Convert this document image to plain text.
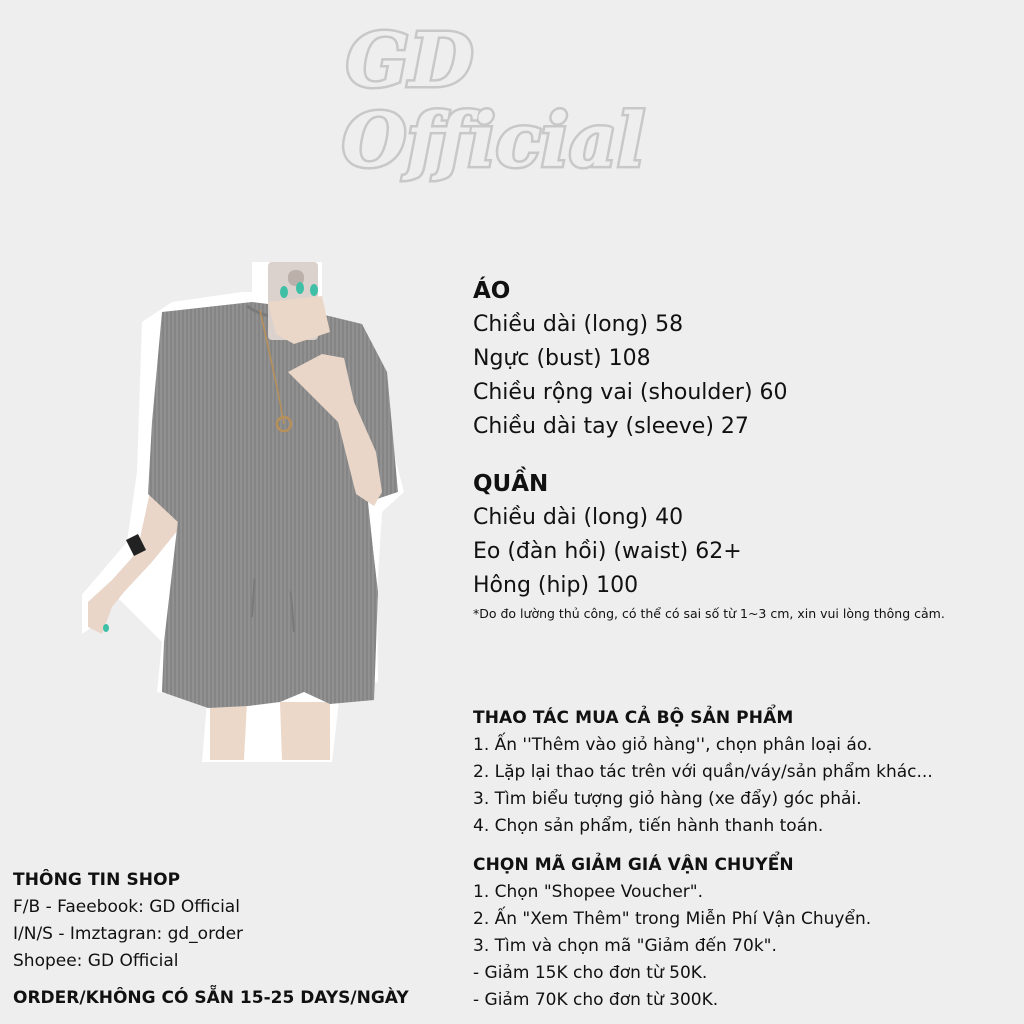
GD
Official
ÁO
Chiều dài (long) 58
Ngực (bust) 108
Chiều rộng vai (shoulder) 60
Chiều dài tay (sleeve) 27
QUẦN
Chiều dài (long) 40
Eo (đàn hồi) (waist) 62+
Hông (hip) 100
*Do đo lường thủ công, có thể có sai số từ 1~3 cm, xin vui lòng thông cảm.
THAO TÁC MUA CẢ BỘ SẢN PHẨM
1. Ấn ''Thêm vào giỏ hàng'', chọn phân loại áo.
2. Lặp lại thao tác trên với quần/váy/sản phẩm khác...
3. Tìm biểu tượng giỏ hàng (xe đẩy) góc phải.
4. Chọn sản phẩm, tiến hành thanh toán.
CHỌN MÃ GIẢM GIÁ VẬN CHUYỂN
1. Chọn "Shopee Voucher".
2. Ấn "Xem Thêm" trong Miễn Phí Vận Chuyển.
3. Tìm và chọn mã "Giảm đến 70k".
- Giảm 15K cho đơn từ 50K.
- Giảm 70K cho đơn từ 300K.
THÔNG TIN SHOP
F/B - Faeebook: GD Official
I/N/S - Imztagran: gd_order
Shopee: GD Official
ORDER/KHÔNG CÓ SẴN 15-25 DAYS/NGÀY
